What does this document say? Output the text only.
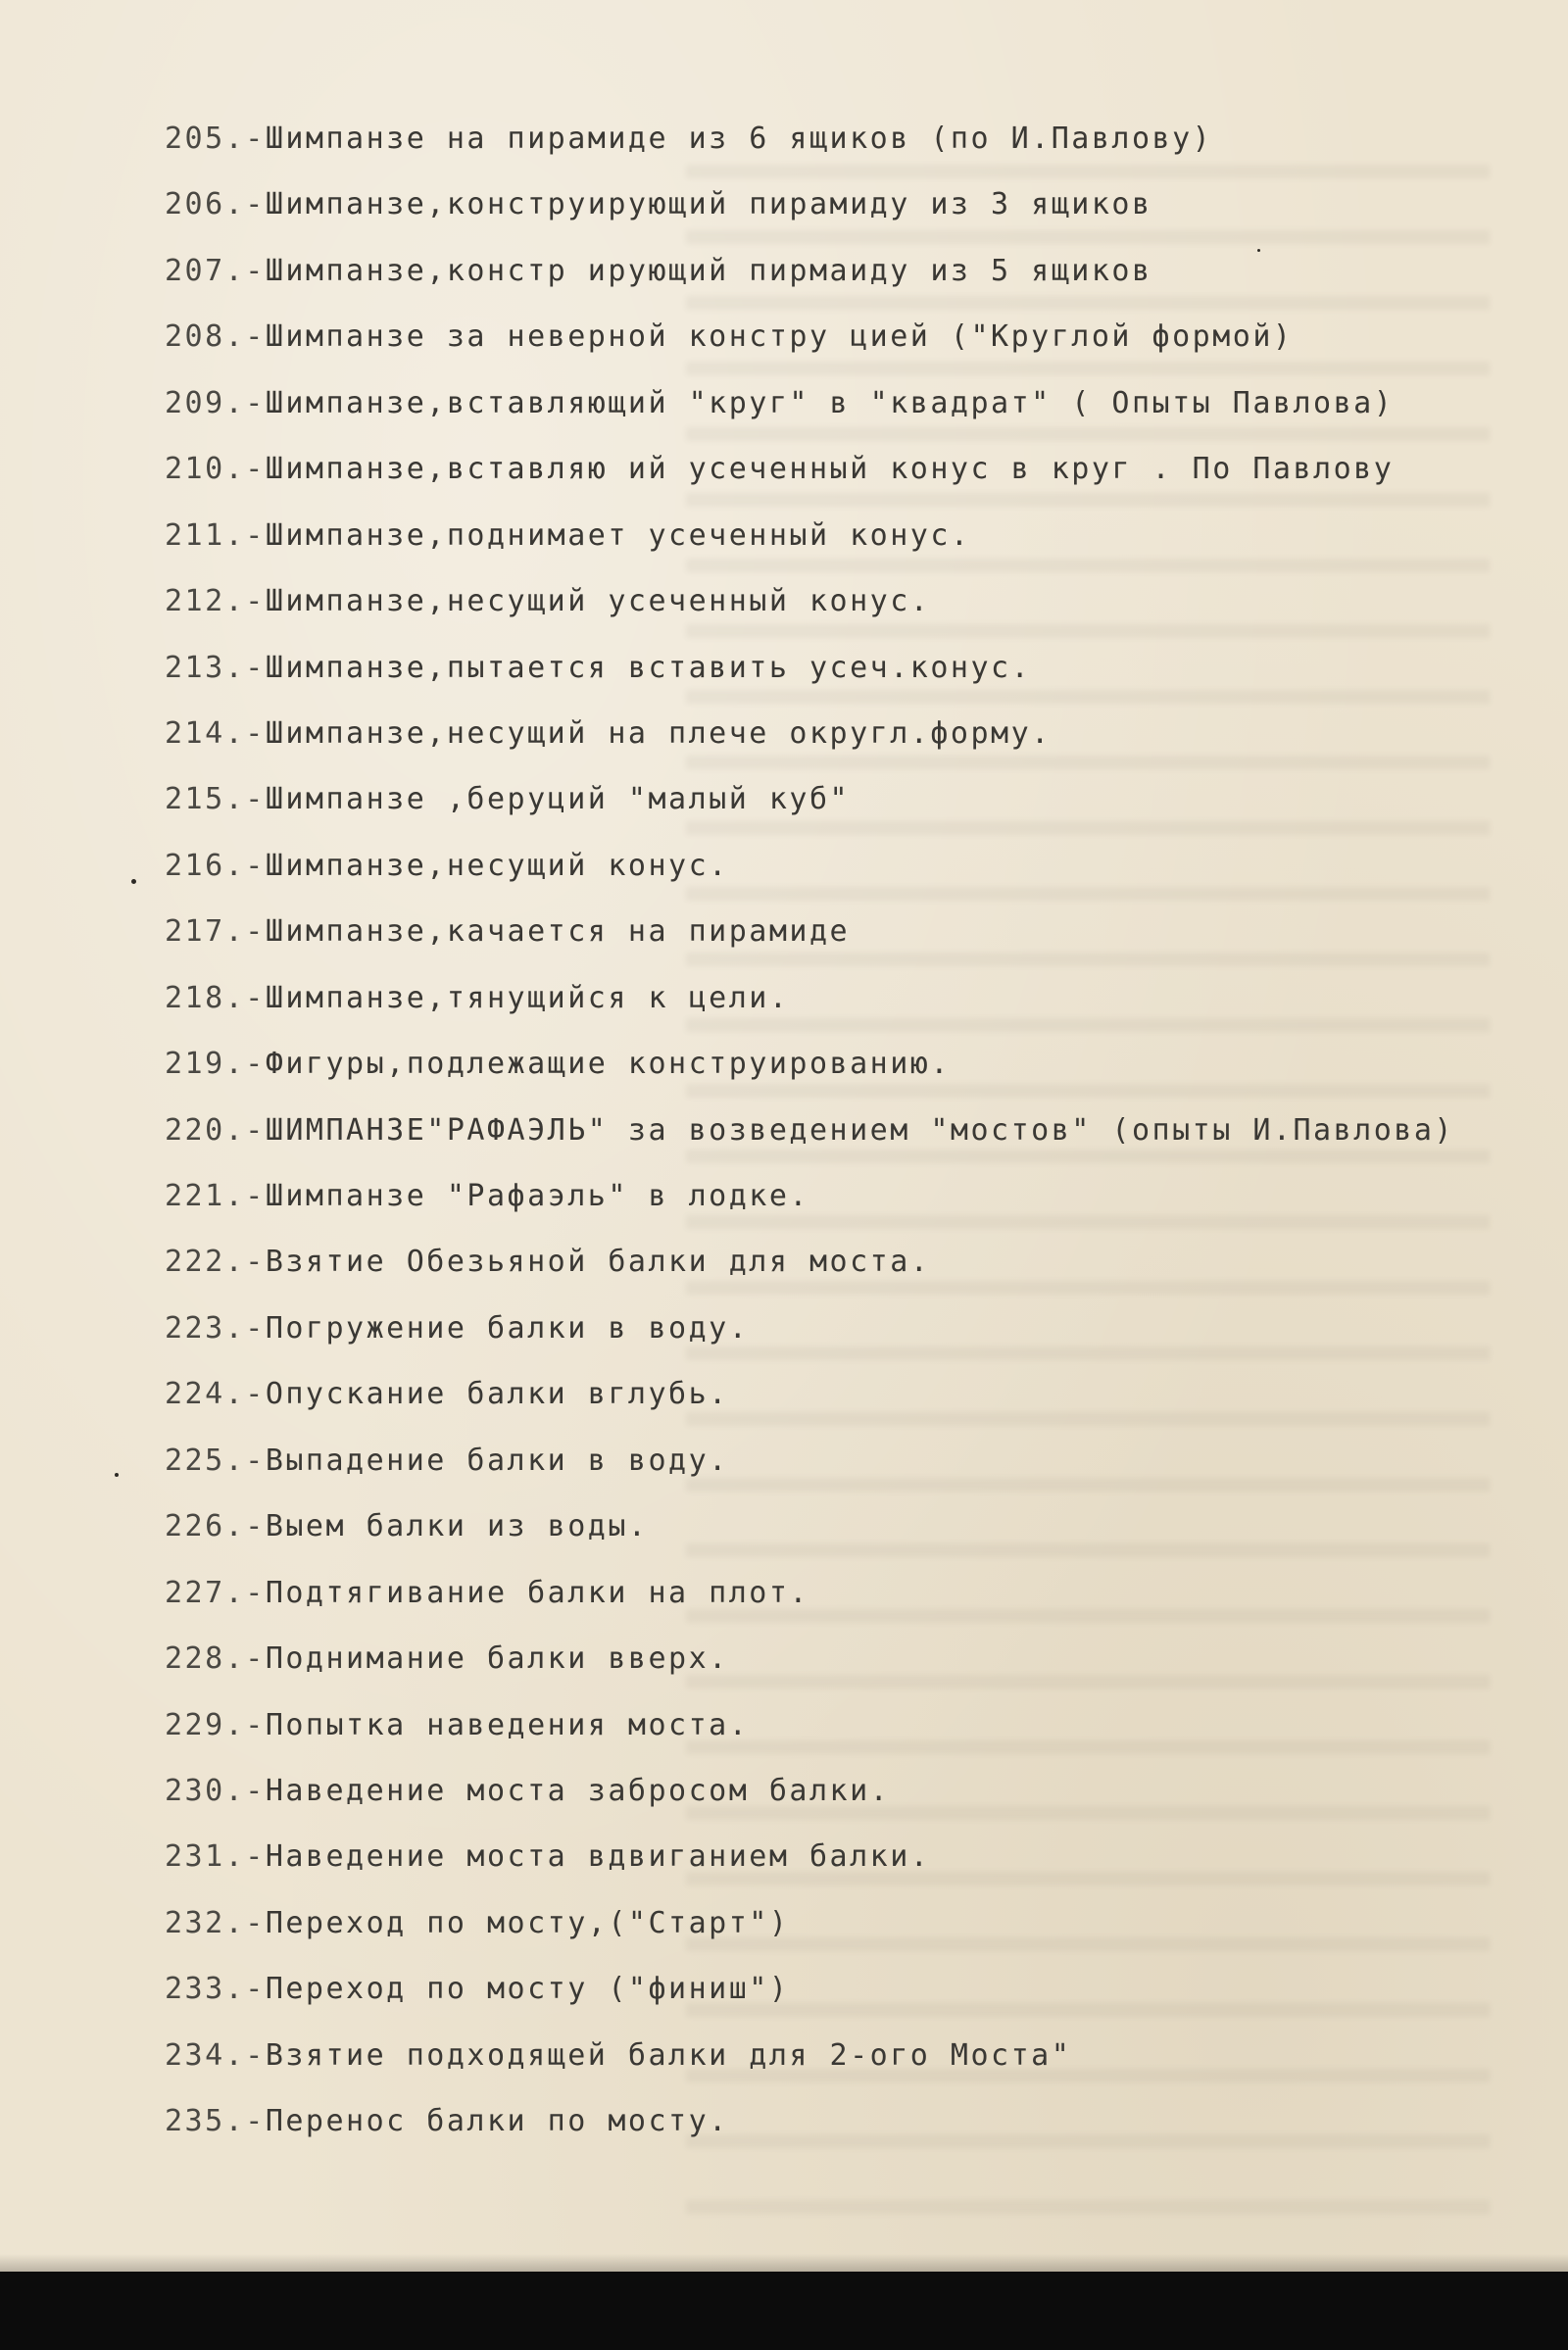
205.-Шимпанзе на пирамиде из 6 ящиков (по И.Павлову)
206.-Шимпанзе,конструирующий пирамиду из 3 ящиков
207.-Шимпанзе,констр ирующий пирмаиду из 5 ящиков
208.-Шимпанзе за неверной констру цией ("Круглой формой)
209.-Шимпанзе,вставляющий "круг" в "квадрат" ( Опыты Павлова)
210.-Шимпанзе,вставляю ий усеченный конус в круг . По Павлову
211.-Шимпанзе,поднимает усеченный конус.
212.-Шимпанзе,несущий усеченный конус.
213.-Шимпанзе,пытается вставить усеч.конус.
214.-Шимпанзе,несущий на плече округл.форму.
215.-Шимпанзе ,беруций "малый куб"
216.-Шимпанзе,несущий конус.
217.-Шимпанзе,качается на пирамиде
218.-Шимпанзе,тянущийся к цели.
219.-Фигуры,подлежащие конструированию.
220.-ШИМПАНЗЕ"РАФАЭЛЬ" за возведением "мостов" (опыты И.Павлова)
221.-Шимпанзе "Рафаэль" в лодке.
222.-Взятие Обезьяной балки для моста.
223.-Погружение балки в воду.
224.-Опускание балки вглубь.
225.-Выпадение балки в воду.
226.-Выем балки из воды.
227.-Подтягивание балки на плот.
228.-Поднимание балки вверх.
229.-Попытка наведения моста.
230.-Наведение моста забросом балки.
231.-Наведение моста вдвиганием балки.
232.-Переход по мосту,("Старт")
233.-Переход по мосту ("финиш")
234.-Взятие подходящей балки для 2-ого Моста"
235.-Перенос балки по мосту.
